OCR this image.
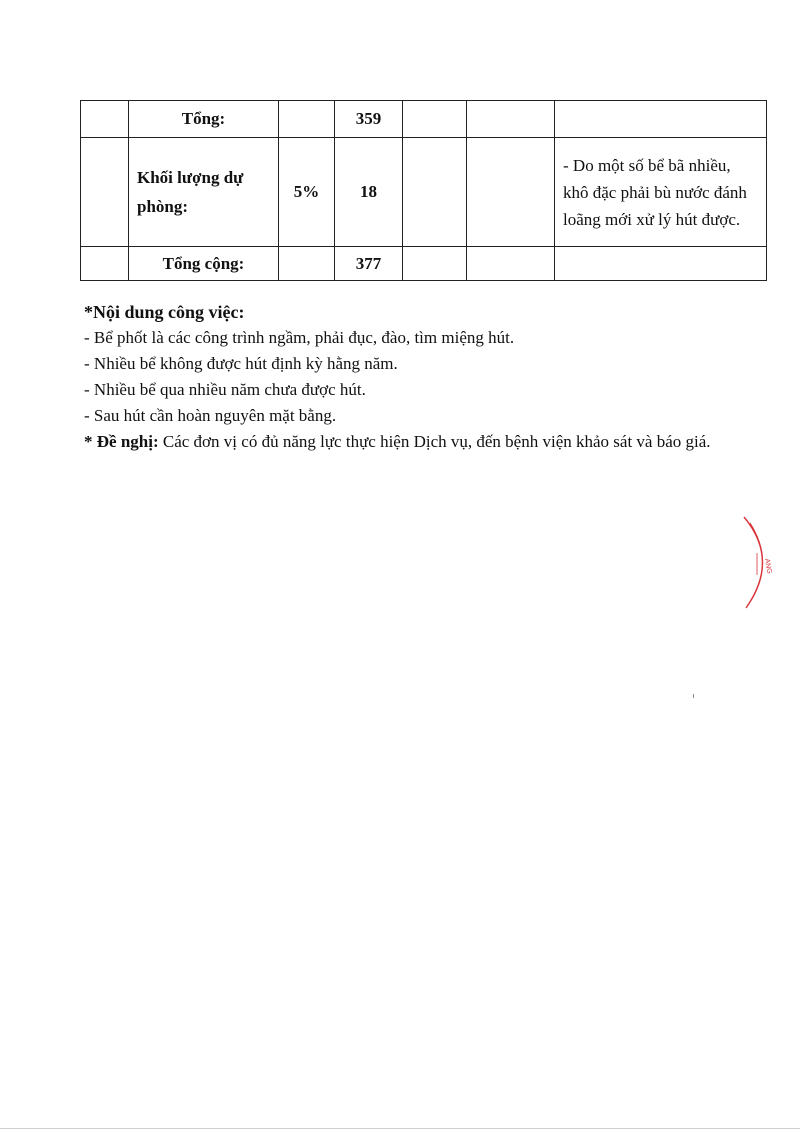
	Tổng:		359			
	Khối lượng dự phòng:	5%	18			- Do một số bể bã nhiều, khô đặc phải bù nước đánh loãng mới xử lý hút được.
	Tổng cộng:		377			

*Nội dung công việc:

- Bể phốt là các công trình ngầm, phải đục, đào, tìm miệng hút.

- Nhiều bể không được hút định kỳ hằng năm.

- Nhiều bể qua nhiều năm chưa được hút.

- Sau hút cần hoàn nguyên mặt bằng.

* Đề nghị: Các đơn vị có đủ năng lực thực hiện Dịch vụ, đến bệnh viện khảo sát và báo giá.

ANG
